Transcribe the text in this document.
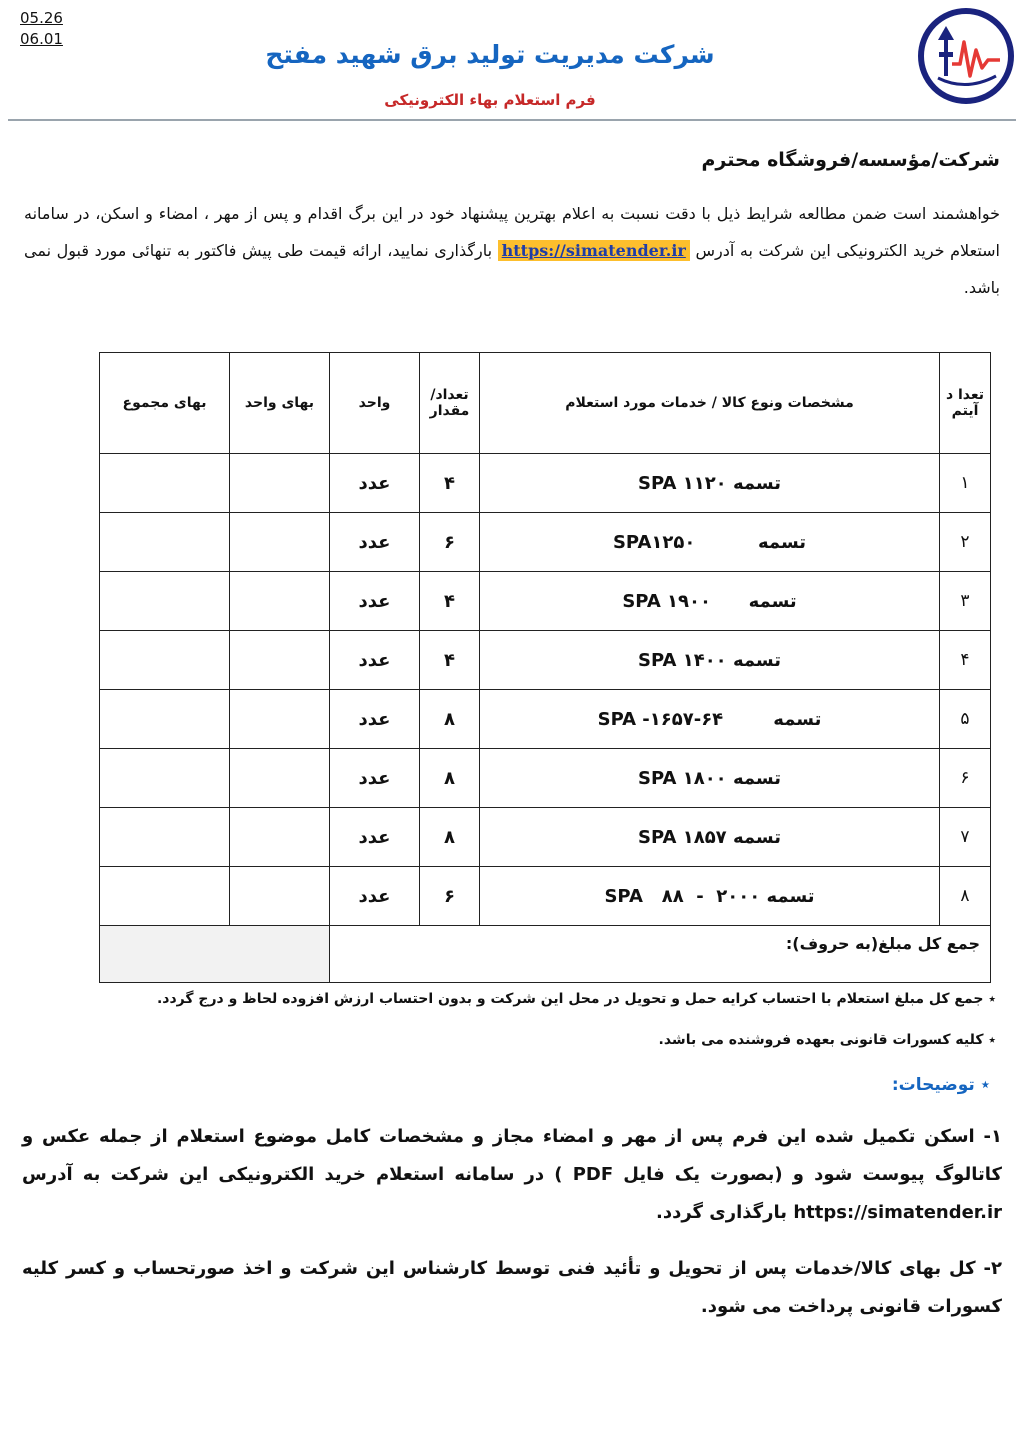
05.26
06.01
شرکت مدیریت تولید برق شهید مفتح
فرم استعلام بهاء الکترونیکی
شرکت/مؤسسه/فروشگاه محترم
خواهشمند است ضمن مطالعه شرایط ذیل با دقت نسبت به اعلام بهترین پیشنهاد خود در این برگ اقدام و پس از مهر ، امضاء و اسکن، در سامانه استعلام خرید الکترونیکی این شرکت به آدرس https://simatender.ir بارگذاری نمایید، ارائه قیمت طی پیش فاکتور به تنهائی مورد قبول نمی باشد.
تعدا د آیتم	مشخصات ونوع کالا / خدمات مورد استعلام	تعداد/ مقدار	واحد	بهای واحد	بهای مجموع
۱	تسمه ۱۱۲۰ SPA	۴	عدد		
۲	تسمه          SPA۱۲۵۰	۶	عدد		
۳	تسمه      SPA ۱۹۰۰	۴	عدد		
۴	تسمه ۱۴۰۰ SPA	۴	عدد		
۵	تسمه        SPA -۱۶۵۷-۶۴	۸	عدد		
۶	تسمه ۱۸۰۰ SPA	۸	عدد		
۷	تسمه ۱۸۵۷ SPA	۸	عدد		
۸	تسمه ۲۰۰۰  -  ۸۸   SPA	۶	عدد		
جمع کل مبلغ(به حروف):					
٭ جمع کل مبلغ استعلام با احتساب کرایه حمل و تحویل در محل این شرکت و بدون احتساب ارزش افزوده لحاظ و درج گردد.
٭ کلیه کسورات قانونی بعهده فروشنده می باشد.
٭ توضیحات:
۱- اسکن تکمیل شده این فرم پس از مهر و امضاء مجاز و مشخصات کامل موضوع استعلام از جمله عکس و کاتالوگ پیوست شود و (بصورت یک فایل PDF ) در سامانه استعلام خرید الکترونیکی این شرکت به آدرس https://simatender.ir بارگذاری گردد.
۲- کل بهای کالا/خدمات پس از تحویل و تأئید فنی توسط کارشناس این شرکت و اخذ صورتحساب و کسر کلیه کسورات قانونی پرداخت می شود.
